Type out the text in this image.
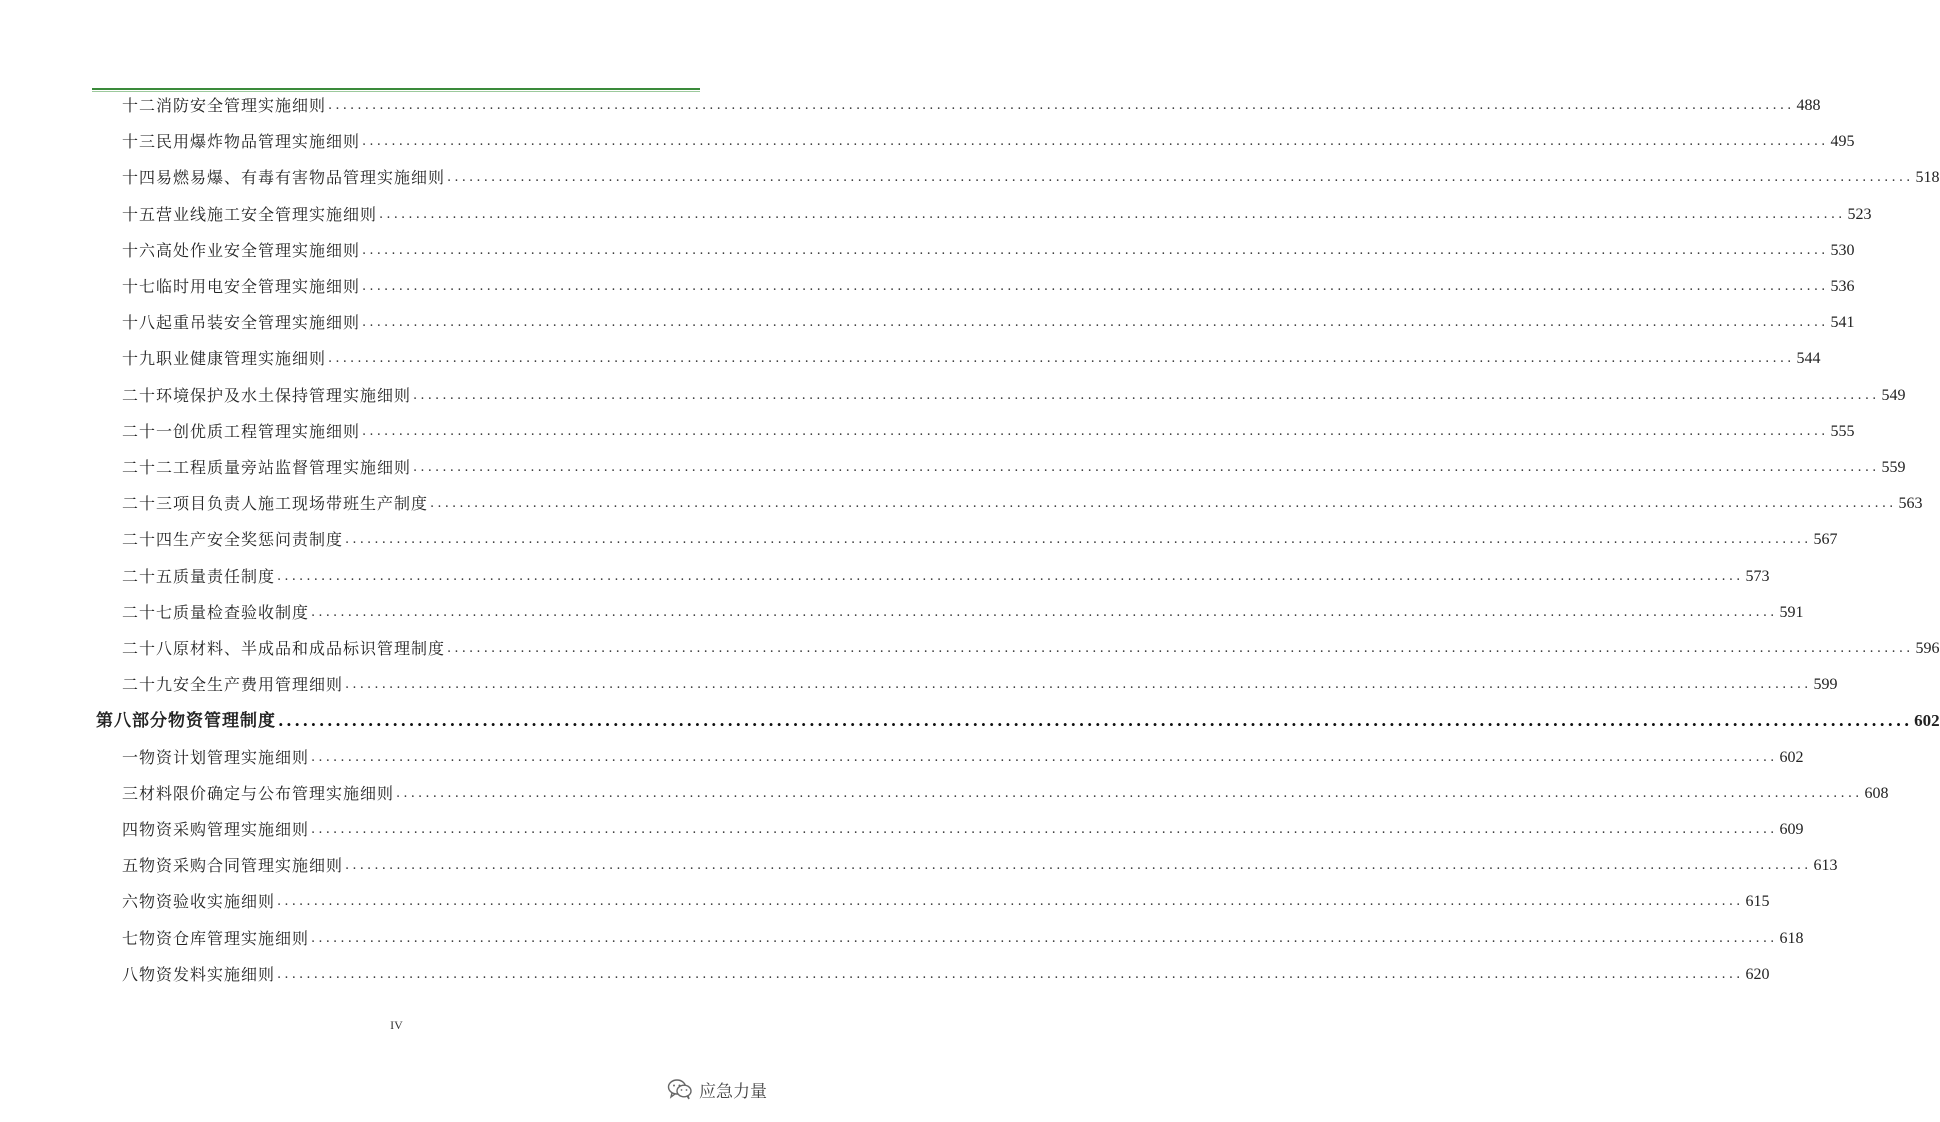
十二 消防安全管理实施细则 ........................................................................................................................................................................................................ 488
十三 民用爆炸物品管理实施细则 ........................................................................................................................................................................................................ 495
十四 易燃易爆、有毒有害物品管理实施细则 ........................................................................................................................................................................................................ 518
十五 营业线施工安全管理实施细则 ........................................................................................................................................................................................................ 523
十六 高处作业安全管理实施细则 ........................................................................................................................................................................................................ 530
十七 临时用电安全管理实施细则 ........................................................................................................................................................................................................ 536
十八 起重吊装安全管理实施细则 ........................................................................................................................................................................................................ 541
十九 职业健康管理实施细则 ........................................................................................................................................................................................................ 544
二十 环境保护及水土保持管理实施细则 ........................................................................................................................................................................................................ 549
二十一 创优质工程管理实施细则 ........................................................................................................................................................................................................ 555
二十二 工程质量旁站监督管理实施细则 ........................................................................................................................................................................................................ 559
二十三 项目负责人施工现场带班生产制度 ........................................................................................................................................................................................................ 563
二十四 生产安全奖惩问责制度 ........................................................................................................................................................................................................ 567
二十五 质量责任制度 ........................................................................................................................................................................................................ 573
二十七 质量检查验收制度 ........................................................................................................................................................................................................ 591
二十八 原材料、半成品和成品标识管理制度 ........................................................................................................................................................................................................ 596
二十九 安全生产费用管理细则 ........................................................................................................................................................................................................ 599
第八部分 物资管理制度 ........................................................................................................................................................................................................ 602
一 物资计划管理实施细则 ........................................................................................................................................................................................................ 602
三 材料限价确定与公布管理实施细则 ........................................................................................................................................................................................................ 608
四 物资采购管理实施细则 ........................................................................................................................................................................................................ 609
五 物资采购合同管理实施细则 ........................................................................................................................................................................................................ 613
六 物资验收实施细则 ........................................................................................................................................................................................................ 615
七 物资仓库管理实施细则 ........................................................................................................................................................................................................ 618
八 物资发料实施细则 ........................................................................................................................................................................................................ 620
IV
应急力量
